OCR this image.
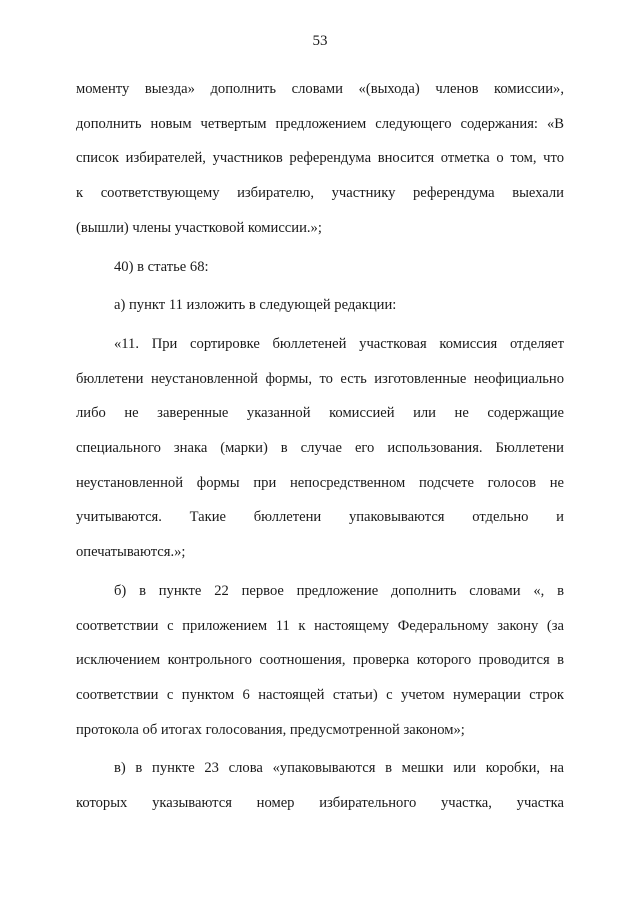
53

моменту выезда» дополнить словами «(выхода) членов комиссии»,

дополнить новым четвертым предложением следующего содержания: «В

список избирателей, участников референдума вносится отметка о том, что

к соответствующему избирателю, участнику референдума выехали

(вышли) члены участковой комиссии.»;

40) в статье 68:

а) пункт 11 изложить в следующей редакции:

«11. При сортировке бюллетеней участковая комиссия отделяет

бюллетени неустановленной формы, то есть изготовленные неофициально

либо не заверенные указанной комиссией или не содержащие

специального знака (марки) в случае его использования. Бюллетени

неустановленной формы при непосредственном подсчете голосов не

учитываются. Такие бюллетени упаковываются отдельно и

опечатываются.»;

б) в пункте 22 первое предложение дополнить словами «, в

соответствии с приложением 11 к настоящему Федеральному закону (за

исключением контрольного соотношения, проверка которого проводится в

соответствии с пунктом 6 настоящей статьи) с учетом нумерации строк

протокола об итогах голосования, предусмотренной законом»;

в) в пункте 23 слова «упаковываются в мешки или коробки, на

которых указываются номер избирательного участка, участка
